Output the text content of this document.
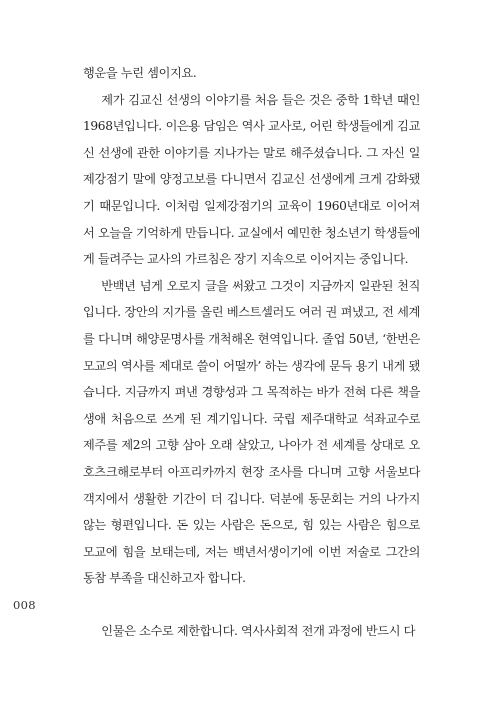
행운을 누린 셈이지요.

제가 김교신 선생의 이야기를 처음 들은 것은 중학 1학년 때인 1968년입니다. 이은용 담임은 역사 교사로, 어린 학생들에게 김교신 선생에 관한 이야기를 지나가는 말로 해주셨습니다. 그 자신 일제강점기 말에 양정고보를 다니면서 김교신 선생에게 크게 감화됐기 때문입니다. 이처럼 일제강점기의 교육이 1960년대로 이어져서 오늘을 기억하게 만듭니다. 교실에서 예민한 청소년기 학생들에게 들려주는 교사의 가르침은 장기 지속으로 이어지는 중입니다.

반백년 넘게 오로지 글을 써왔고 그것이 지금까지 일관된 천직입니다. 장안의 지가를 올린 베스트셀러도 여러 권 펴냈고, 전 세계를 다니며 해양문명사를 개척해온 현역입니다. 졸업 50년, ‘한번은 모교의 역사를 제대로 쓸이 어떨까’ 하는 생각에 문득 용기 내게 됐습니다. 지금까지 펴낸 경향성과 그 목적하는 바가 전혀 다른 책을 생애 처음으로 쓰게 된 계기입니다. 국립 제주대학교 석좌교수로 제주를 제2의 고향 삼아 오래 살았고, 나아가 전 세계를 상대로 오호츠크해로부터 아프리카까지 현장 조사를 다니며 고향 서울보다 객지에서 생활한 기간이 더 깁니다. 덕분에 동문회는 거의 나가지 않는 형편입니다. 돈 있는 사람은 돈으로, 힘 있는 사람은 힘으로 모교에 힘을 보태는데, 저는 백년서생이기에 이번 저술로 그간의 동참 부족을 대신하고자 합니다.

인물은 소수로 제한합니다. 역사사회적 전개 과정에 반드시 다

008
